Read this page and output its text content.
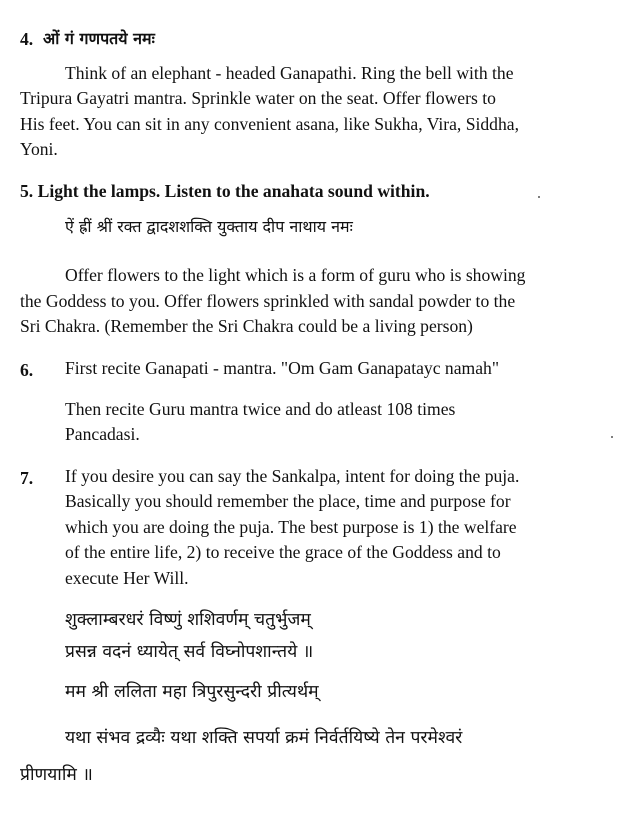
4. ओं गं गणपतये नमः
Think of an elephant - headed Ganapathi. Ring the bell with the
Tripura Gayatri mantra. Sprinkle water on the seat. Offer flowers to
His feet. You can sit in any convenient asana, like Sukha, Vira, Siddha,
Yoni.
5. Light the lamps. Listen to the anahata sound within.
ऐं ह्रीं श्रीं रक्त द्वादशशक्ति युक्ताय दीप नाथाय नमः
Offer flowers to the light which is a form of guru who is showing
the Goddess to you. Offer flowers sprinkled with sandal powder to the
Sri Chakra. (Remember the Sri Chakra could be a living person)
6. First recite Ganapati - mantra. "Om Gam Ganapatayc namah"
Then recite Guru mantra twice and do atleast 108 times
Pancadasi.
7. If you desire you can say the Sankalpa, intent for doing the puja.
Basically you should remember the place, time and purpose for
which you are doing the puja. The best purpose is 1) the welfare
of the entire life, 2) to receive the grace of the Goddess and to
execute Her Will.
शुक्लाम्बरधरं विष्णुं शशिवर्णम् चतुर्भुजम्
प्रसन्न वदनं ध्यायेत् सर्व विघ्नोपशान्तये ॥
मम श्री ललिता महा त्रिपुरसुन्दरी प्रीत्यर्थम्
यथा संभव द्रव्यैः यथा शक्ति सपर्या क्रमं निर्वर्तयिष्ये तेन परमेश्वरं
प्रीणयामि ॥
